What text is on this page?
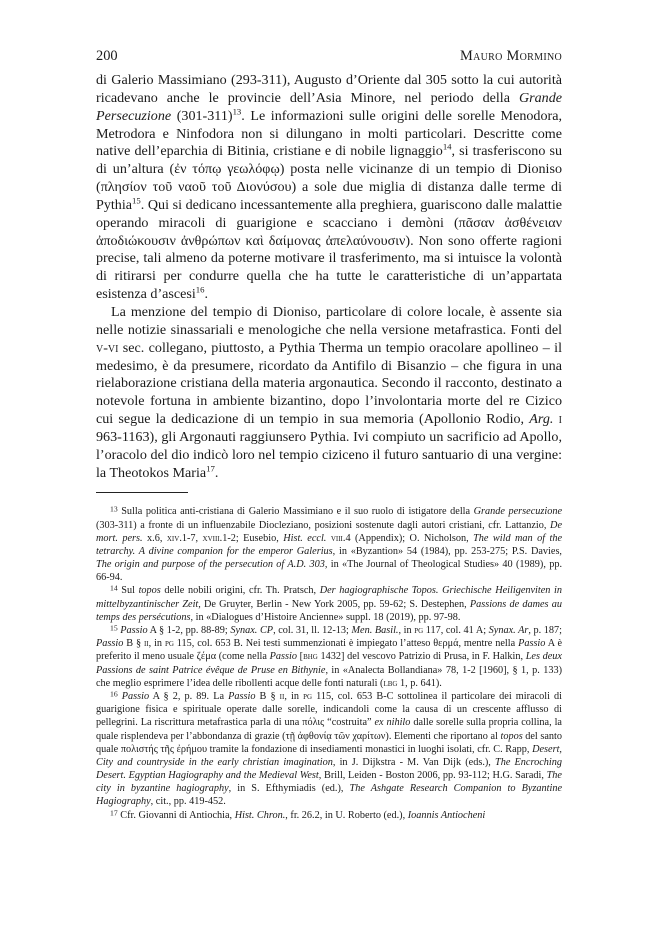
200	Mauro Mormino

di Galerio Massimiano (293-311), Augusto d’Oriente dal 305 sotto la cui autorità ricadevano anche le provincie dell’Asia Minore, nel periodo della Grande Persecuzione $(301-311)^{13}$. Le informazioni sulle origini delle sorelle Menodora, Metrodora e Ninfodora non si dilungano in molti particolari. Descritte come native dell’eparchia di Bitinia, cristiane e di nobile lignaggio$^{14}$, si trasferiscono su di un’altura (ἐν τόπῳ γεωλόφῳ) posta nelle vicinanze di un tempio di Dioniso (πλησίον τοῦ ναοῦ τοῦ Διονύσου) a sole due miglia di distanza dalle terme di Pythia$^{15}$. Qui si dedicano incessantemente alla preghiera, guariscono dalle malattie operando miracoli di guarigione e scacciano i demòni (πᾶσαν ἀσθένειαν ἀποδιώκουσιν ἀνθρώπων καὶ δαίμονας ἀπελαύνουσιν). Non sono offerte ragioni precise, tali almeno da poterne motivare il trasferimento, ma si intuisce la volontà di ritirarsi per condurre quella che ha tutte le caratteristiche di un’appartata esistenza d’ascesi$^{16}$.

La menzione del tempio di Dioniso, particolare di colore locale, è assente sia nelle notizie sinassariali e menologiche che nella versione metafrastica. Fonti del v-vi sec. collegano, piuttosto, a Pythia Therma un tempio oracolare apollineo – il medesimo, è da presumere, ricordato da Antifilo di Bisanzio – che figura in una rielaborazione cristiana della materia argonautica. Secondo il racconto, destinato a notevole fortuna in ambiente bizantino, dopo l’involontaria morte del re Cizico cui segue la dedicazione di un tempio in sua memoria (Apollonio Rodio, Arg. i 963-1163), gli Argonauti raggiunsero Pythia. Ivi compiuto un sacrificio ad Apollo, l’oracolo del dio indicò loro nel tempio ciziceno il futuro santuario di una vergine: la Theotokos Maria$^{17}$.

$^{13}$ Sulla politica anti-cristiana di Galerio Massimiano e il suo ruolo di istigatore della Grande persecuzione (303-311) a fronte di un influenzabile Diocleziano, posizioni sostenute dagli autori cristiani, cfr. Lattanzio, De mort. pers. x.6, xiv.1-7, xviii.1-2; Eusebio, Hist. eccl. viii.4 (Appendix); O. Nicholson, The wild man of the tetrarchy. A divine companion for the emperor Galerius, in «Byzantion» 54 (1984), pp. 253-275; P.S. Davies, The origin and purpose of the persecution of A.D. 303, in «The Journal of Theological Studies» 40 (1989), pp. 66-94.

$^{14}$ Sul topos delle nobili origini, cfr. Th. Pratsch, Der hagiographische Topos. Griechische Heiligenviten in mittelbyzantinischer Zeit, De Gruyter, Berlin - New York 2005, pp. 59-62; S. Destephen, Passions de dames au temps des persécutions, in «Dialogues d’Histoire Ancienne» suppl. 18 (2019), pp. 97-98.

$^{15}$ Passio A § 1-2, pp. 88-89; Synax. CP, col. 31, ll. 12-13; Men. Basil., in pg 117, col. 41 A; Synax. Ar, p. 187; Passio B § ii, in pg 115, col. 653 B. Nei testi summenzionati è impiegato l’atteso θερμά, mentre nella Passio A è preferito il meno usuale ζέμα (come nella Passio [bhg 1432] del vescovo Patrizio di Prusa, in F. Halkin, Les deux Passions de saint Patrice évêque de Pruse en Bithynie, in «Analecta Bollandiana» 78, 1-2 [1960], § 1, p. 133) che meglio esprimere l’idea delle ribollenti acque delle fonti naturali (lbg 1, p. 641).

$^{16}$ Passio A § 2, p. 89. La Passio B § ii, in pg 115, col. 653 B-C sottolinea il particolare dei miracoli di guarigione fisica e spirituale operate dalle sorelle, indicandoli come la causa di un crescente afflusso di pellegrini. La riscrittura metafrastica parla di una πόλις “costruita” ex nihilo dalle sorelle sulla propria collina, la quale risplendeva per l’abbondanza di grazie (τῇ ἀφθονίᾳ τῶν χαρίτων). Elementi che riportano al topos del santo quale πολιστής τῆς ἐρήμου tramite la fondazione di insediamenti monastici in luoghi isolati, cfr. C. Rapp, Desert, City and countryside in the early christian imagination, in J. Dijkstra - M. Van Dijk (eds.), The Encroching Desert. Egyptian Hagiography and the Medieval West, Brill, Leiden - Boston 2006, pp. 93-112; H.G. Saradi, The city in byzantine hagiography, in S. Efthymiadis (ed.), The Ashgate Research Companion to Byzantine Hagiography, cit., pp. 419-452.

$^{17}$ Cfr. Giovanni di Antiochia, Hist. Chron., fr. 26.2, in U. Roberto (ed.), Ioannis Antiocheni
